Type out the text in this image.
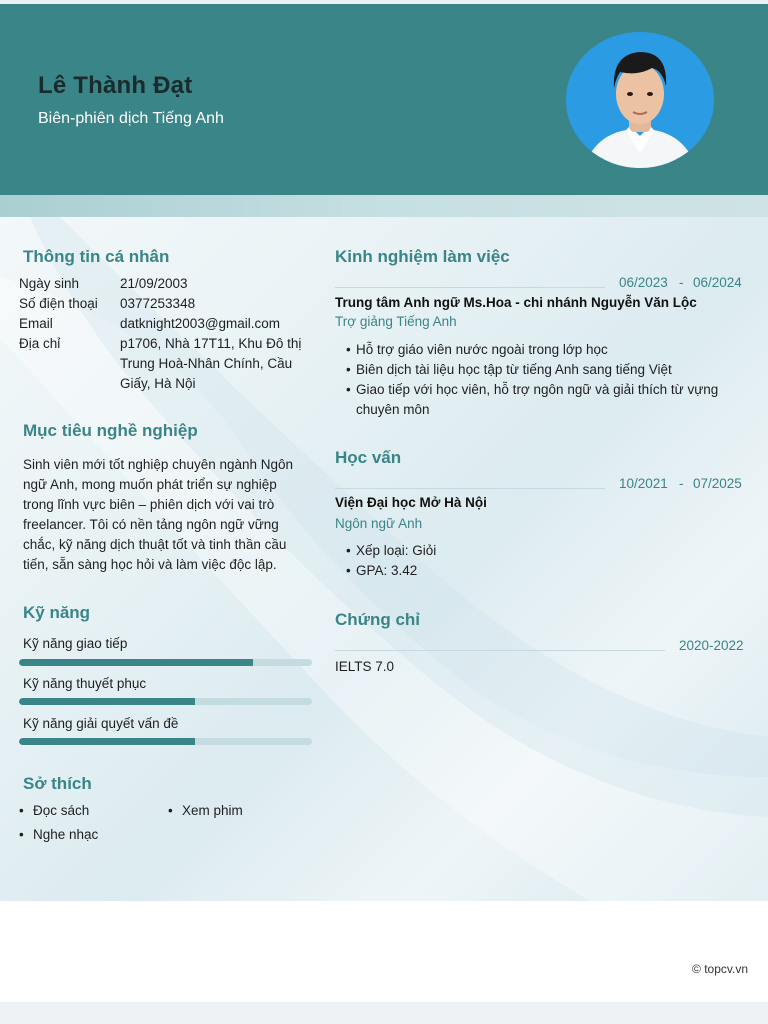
Lê Thành Đạt
Biên-phiên dịch Tiếng Anh
Thông tin cá nhân
Ngày sinh	21/09/2003
Số điện thoại 0377253348
Email	datknight2003@gmail.com
Địa chỉ	p1706, Nhà 17T11, Khu Đô thị Trung Hoà-Nhân Chính, Cầu Giấy, Hà Nội
Mục tiêu nghề nghiệp
Sinh viên mới tốt nghiệp chuyên ngành Ngôn ngữ Anh, mong muốn phát triển sự nghiệp trong lĩnh vực biên – phiên dịch với vai trò freelancer. Tôi có nền tảng ngôn ngữ vững chắc, kỹ năng dịch thuật tốt và tinh thần cầu tiến, sẵn sàng học hỏi và làm việc độc lập.
Kỹ năng
Kỹ năng giao tiếp
Kỹ năng thuyết phục
Kỹ năng giải quyết vấn đề
Sở thích
• Đọc sách
•	Xem phim
• Nghe nhạc
Kinh nghiệm làm việc
06/2023 - 06/2024
Trung tâm Anh ngữ Ms.Hoa - chi nhánh Nguyễn Văn Lộc
Trợ giảng Tiếng Anh
• Hỗ trợ giáo viên nước ngoài trong lớp học
• Biên dịch tài liệu học tập từ tiếng Anh sang tiếng Việt
• Giao tiếp với học viên, hỗ trợ ngôn ngữ và giải thích từ vựng chuyên môn
Học vấn
10/2021 - 07/2025
Viện Đại học Mở Hà Nội
Ngôn ngữ Anh
• Xếp loại: Giỏi
• GPA: 3.42
Chứng chỉ
2020-2022
IELTS 7.0
© topcv.vn
